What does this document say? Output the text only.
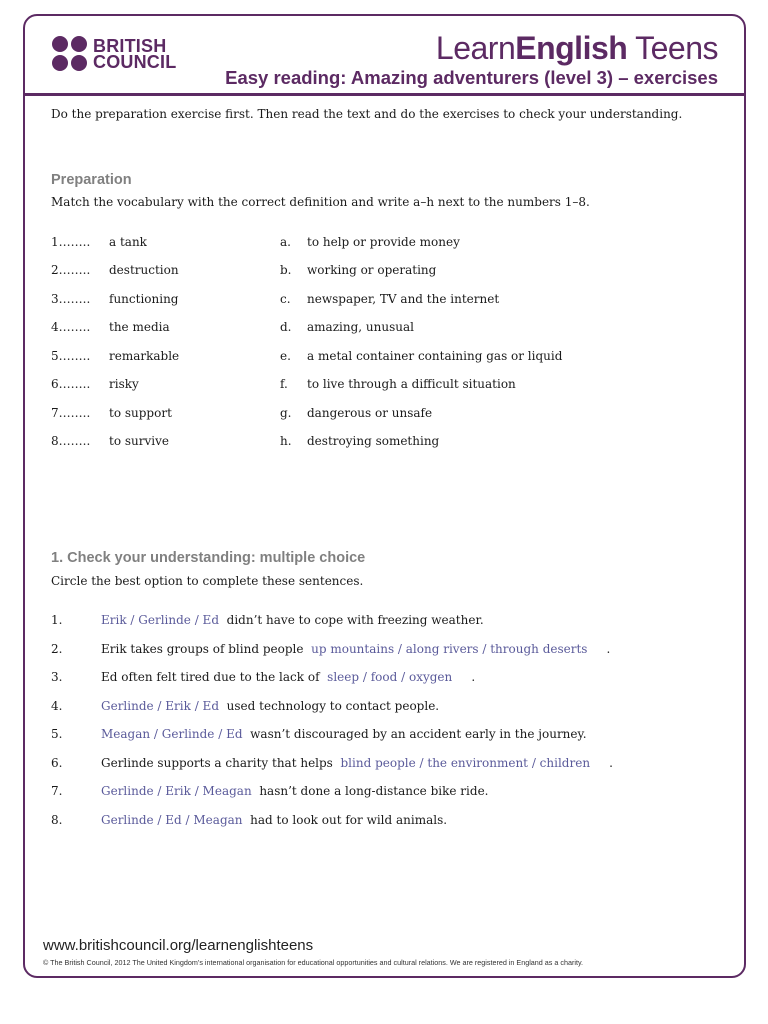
BRITISH
COUNCIL	LearnEnglish Teens
Easy reading: Amazing adventurers (level 3) – exercises
Do the preparation exercise first. Then read the text and do the exercises to check your understanding.
Preparation
Match the vocabulary with the correct definition and write a–h next to the numbers 1–8.
1…….. a tank	a. to help or provide money
2…….. destruction	b. working or operating
3…….. functioning	c. newspaper, TV and the internet
4…….. the media	d. amazing, unusual
5…….. remarkable	e. a metal container containing gas or liquid
6…….. risky	f. to live through a difficult situation
7…….. to support	g. dangerous or unsafe
8…….. to survive	h. destroying something
1. Check your understanding: multiple choice
Circle the best option to complete these sentences.
1.	Erik / Gerlinde / Ed didn’t have to cope with freezing weather.
2.	Erik takes groups of blind people up mountains / along rivers / through deserts .
3.	Ed often felt tired due to the lack of sleep / food / oxygen .
4.	Gerlinde / Erik / Ed used technology to contact people.
5.	Meagan / Gerlinde / Ed wasn’t discouraged by an accident early in the journey.
6.	Gerlinde supports a charity that helps blind people / the environment / children .
7.	Gerlinde / Erik / Meagan hasn’t done a long-distance bike ride.
8.	Gerlinde / Ed / Meagan had to look out for wild animals.
www.britishcouncil.org/learnenglishteens
© The British Council, 2012 The United Kingdom’s international organisation for educational opportunities and cultural relations. We are registered in England as a charity.
